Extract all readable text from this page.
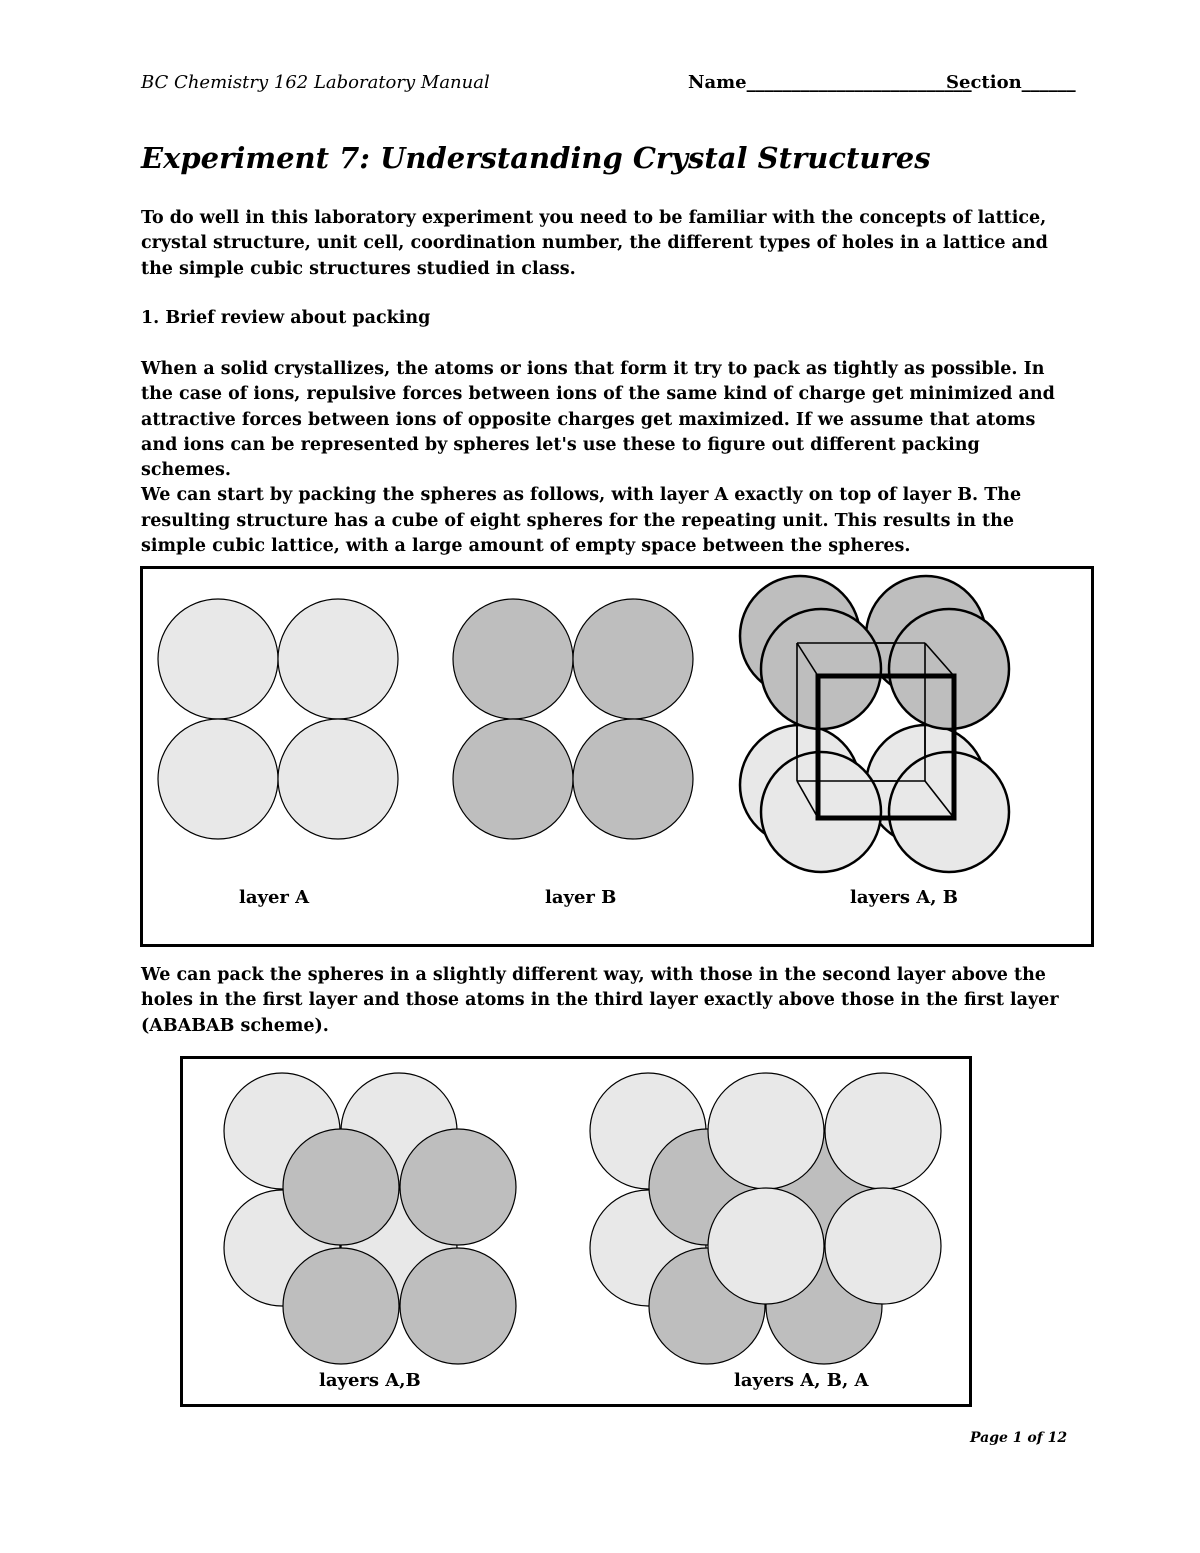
BC Chemistry 162 Laboratory Manual	Name_________________________
Section______
Experiment 7: Understanding Crystal Structures
To do well in this laboratory experiment you need to be familiar with the concepts of lattice, crystal structure, unit cell, coordination number, the different types of holes in a lattice and the simple cubic structures studied in class.
1. Brief review about packing
When a solid crystallizes, the atoms or ions that form it try to pack as tightly as possible. In the case of ions, repulsive forces between ions of the same kind of charge get minimized and attractive forces between ions of opposite charges get maximized. If we assume that atoms and ions can be represented by spheres let's use these to figure out different packing schemes.
We can start by packing the spheres as follows, with layer A exactly on top of layer B. The resulting structure has a cube of eight spheres for the repeating unit. This results in the simple cubic lattice, with a large amount of empty space between the spheres.
layer A	layer B	layers A, B
We can pack the spheres in a slightly different way, with those in the second layer above the holes in the first layer and those atoms in the third layer exactly above those in the first layer (ABABAB scheme).
layers A,B	layers A, B, A
Page 1 of 12
